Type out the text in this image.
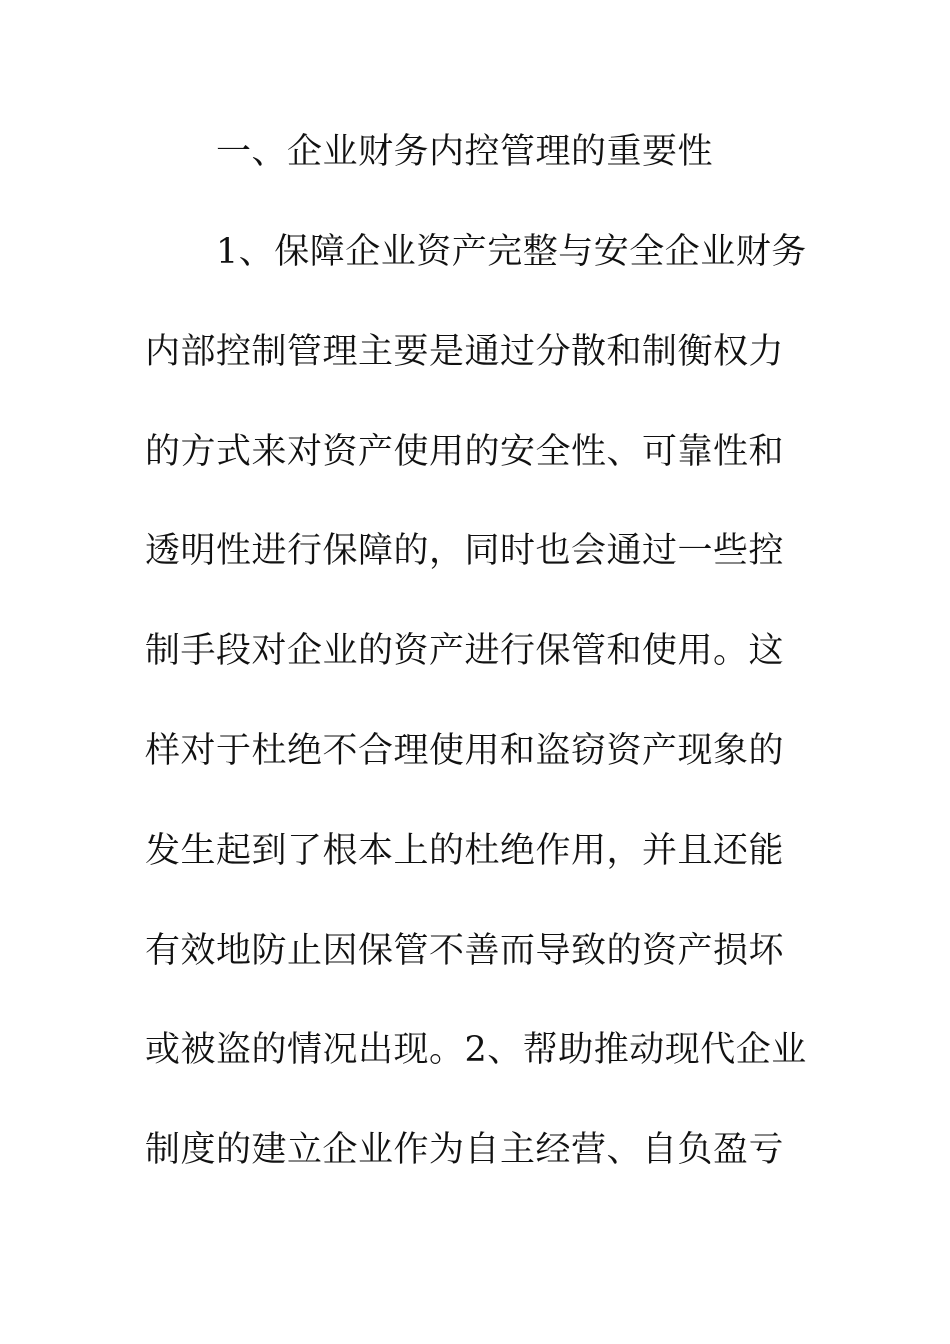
一、企业财务内控管理的重要性
1、保障企业资产完整与安全企业财务
内部控制管理主要是通过分散和制衡权力
的方式来对资产使用的安全性、可靠性和
透明性进行保障的，同时也会通过一些控
制手段对企业的资产进行保管和使用。这
样对于杜绝不合理使用和盗窃资产现象的
发生起到了根本上的杜绝作用，并且还能
有效地防止因保管不善而导致的资产损坏
或被盗的情况出现。2、帮助推动现代企业
制度的建立企业作为自主经营、自负盈亏
